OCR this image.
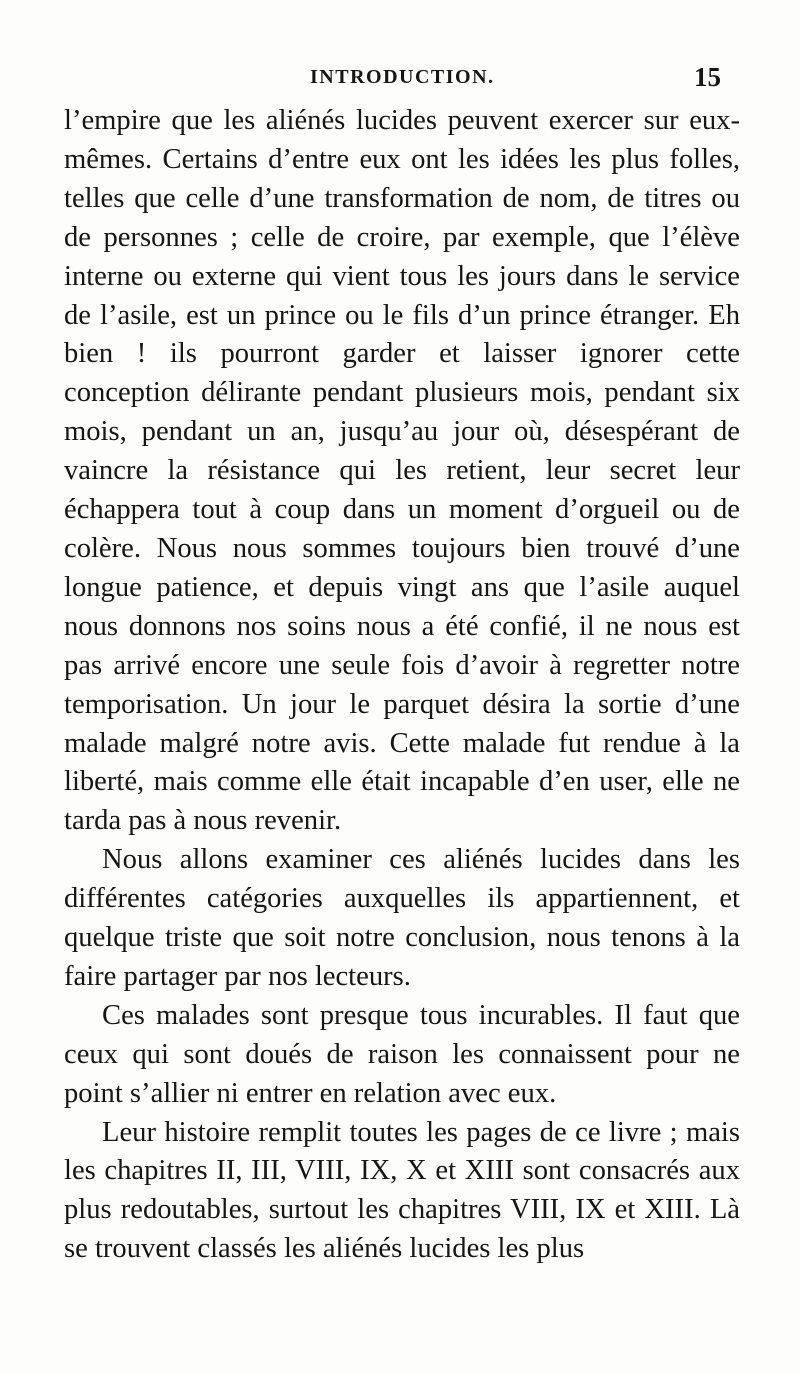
INTRODUCTION.	15

l’empire que les aliénés lucides peuvent exercer sur eux-mêmes. Certains d’entre eux ont les idées les plus folles, telles que celle d’une transformation de nom, de titres ou de personnes ; celle de croire, par exemple, que l’élève interne ou externe qui vient tous les jours dans le service de l’asile, est un prince ou le fils d’un prince étranger. Eh bien ! ils pourront garder et laisser ignorer cette conception délirante pendant plusieurs mois, pendant six mois, pendant un an, jusqu’au jour où, désespérant de vaincre la résistance qui les retient, leur secret leur échappera tout à coup dans un moment d’orgueil ou de colère. Nous nous sommes toujours bien trouvé d’une longue patience, et depuis vingt ans que l’asile auquel nous donnons nos soins nous a été confié, il ne nous est pas arrivé encore une seule fois d’avoir à regretter notre temporisation. Un jour le parquet désira la sortie d’une malade malgré notre avis. Cette malade fut rendue à la liberté, mais comme elle était incapable d’en user, elle ne tarda pas à nous revenir.

Nous allons examiner ces aliénés lucides dans les différentes catégories auxquelles ils appartiennent, et quelque triste que soit notre conclusion, nous tenons à la faire partager par nos lecteurs.

Ces malades sont presque tous incurables. Il faut que ceux qui sont doués de raison les connaissent pour ne point s’allier ni entrer en relation avec eux.

Leur histoire remplit toutes les pages de ce livre ; mais les chapitres II, III, VIII, IX, X et XIII sont consacrés aux plus redoutables, surtout les chapitres VIII, IX et XIII. Là se trouvent classés les aliénés lucides les plus
